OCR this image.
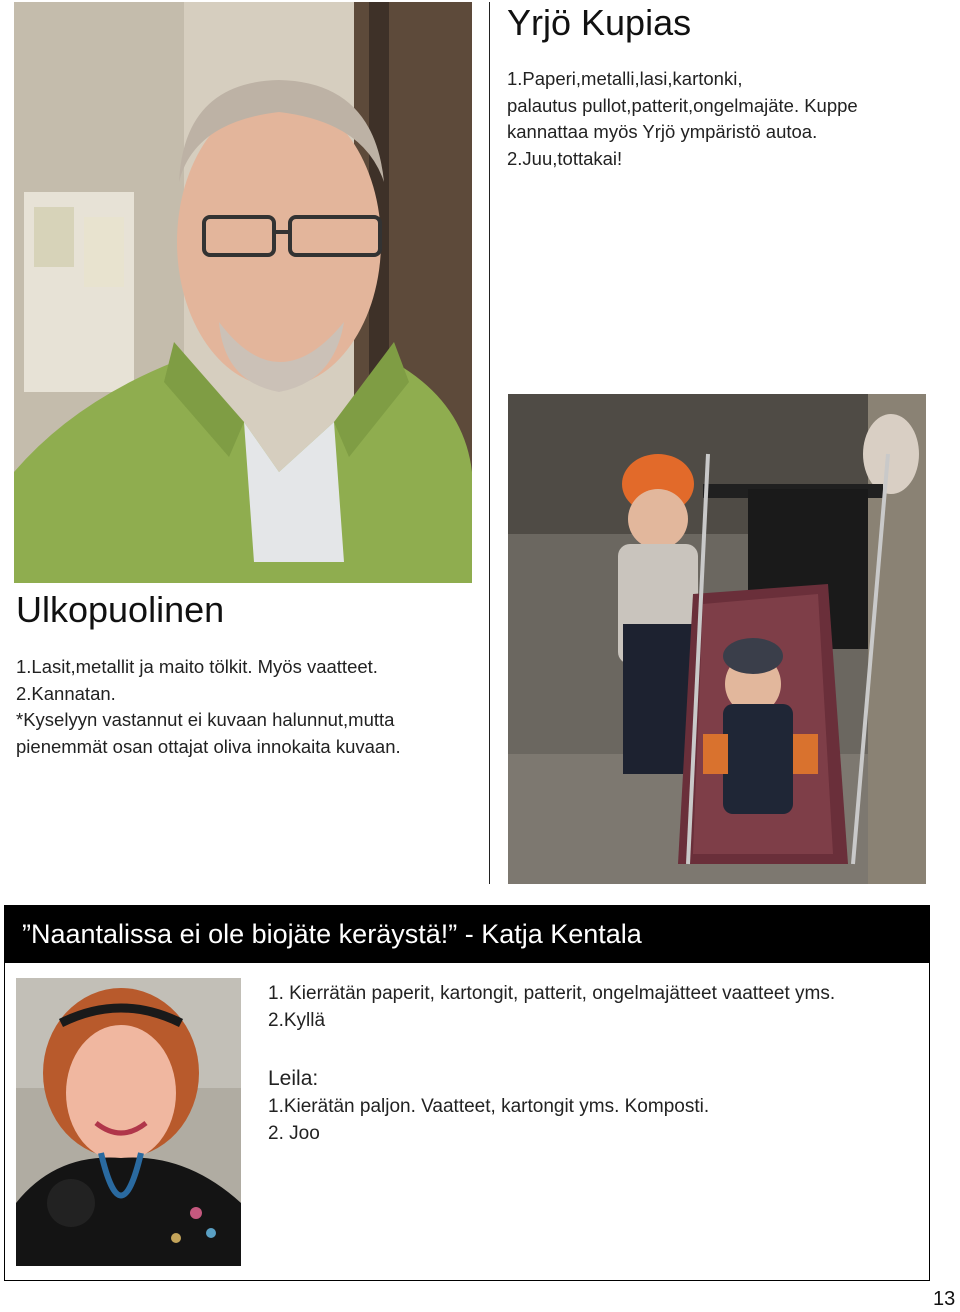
Yrjö Kupias
1.Paperi,metalli,lasi,kartonki,
palautus pullot,patterit,ongelmajäte. Kuppe
kannattaa myös Yrjö ympäristö autoa.
2.Juu,tottakai!
Ulkopuolinen
1.Lasit,metallit ja maito tölkit. Myös vaatteet.
2.Kannatan.
*Kyselyyn vastannut ei kuvaan halunnut,mutta
pienemmät osan ottajat oliva innokaita kuvaan.
”Naantalissa ei ole biojäte keräystä!” - Katja Kentala
1. Kierrätän paperit, kartongit, patterit, ongelmajätteet vaatteet yms.
2.Kyllä
Leila:
1.Kierätän paljon. Vaatteet, kartongit yms. Komposti.
2. Joo
13
